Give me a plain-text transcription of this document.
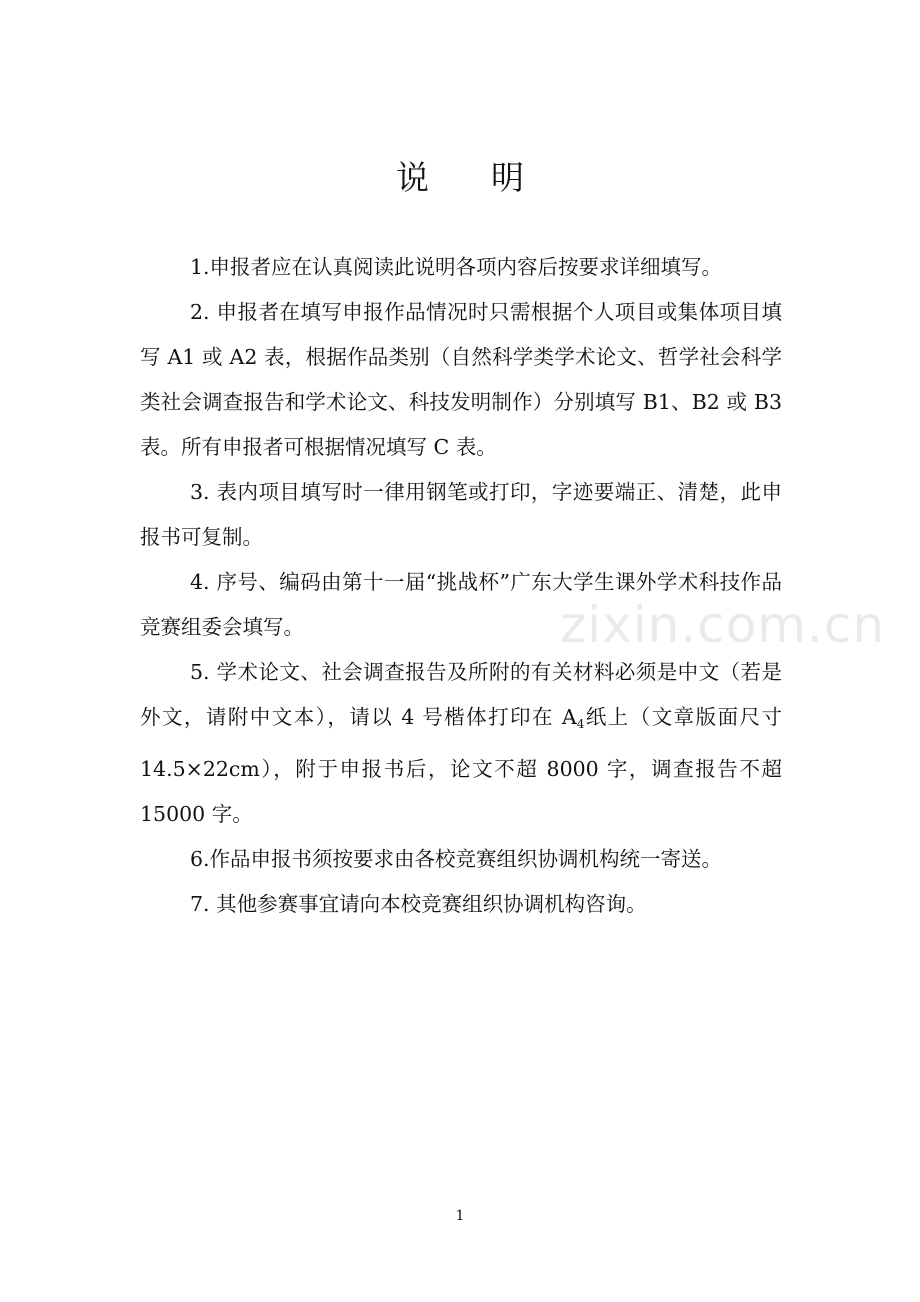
说明

1.申报者应在认真阅读此说明各项内容后按要求详细填写。

2. 申报者在填写申报作品情况时只需根据个人项目或集体项目填写 A1 或 A2 表，根据作品类别（自然科学类学术论文、哲学社会科学类社会调查报告和学术论文、科技发明制作）分别填写 B1、B2 或 B3 表。所有申报者可根据情况填写 C 表。

3. 表内项目填写时一律用钢笔或打印，字迹要端正、清楚，此申报书可复制。

4. 序号、编码由第十一届“挑战杯”广东大学生课外学术科技作品竞赛组委会填写。

5. 学术论文、社会调查报告及所附的有关材料必须是中文（若是外文，请附中文本），请以 4 号楷体打印在 $A_4$纸上（文章版面尺寸 14.5×22cm），附于申报书后，论文不超 8000 字，调查报告不超 15000 字。

6.作品申报书须按要求由各校竞赛组织协调机构统一寄送。

7. 其他参赛事宜请向本校竞赛组织协调机构咨询。

zixin.com.cn
1
